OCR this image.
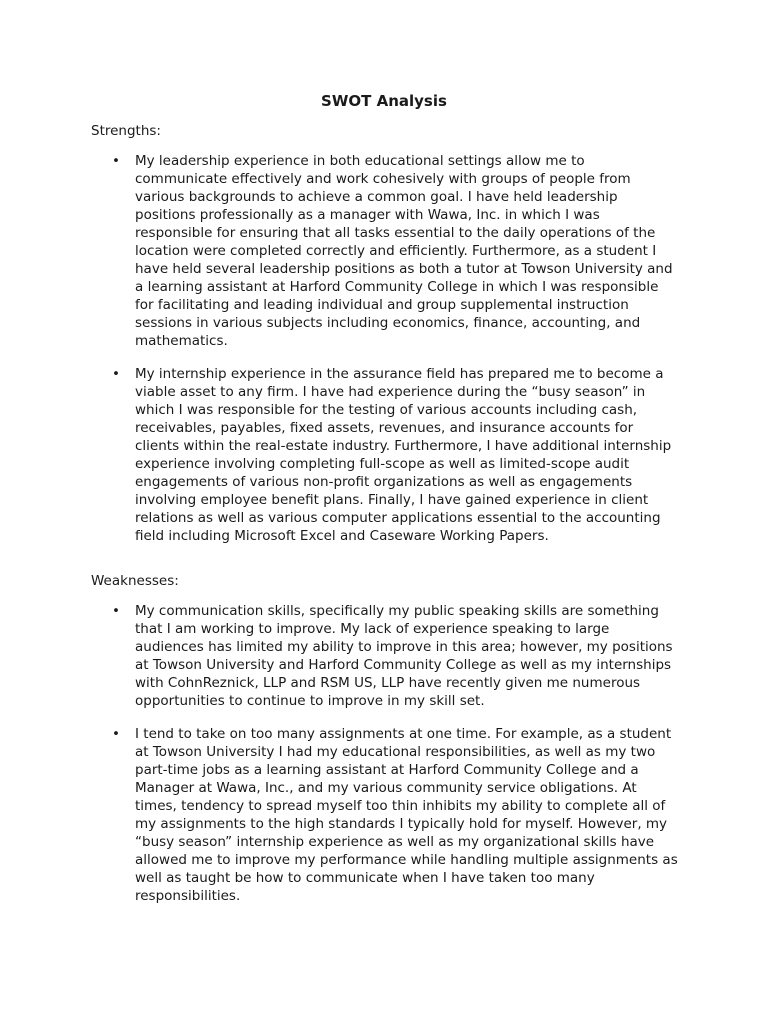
SWOT Analysis

Strengths:

• My leadership experience in both educational settings allow me to communicate effectively and work cohesively with groups of people from various backgrounds to achieve a common goal. I have held leadership positions professionally as a manager with Wawa, Inc. in which I was responsible for ensuring that all tasks essential to the daily operations of the location were completed correctly and efficiently. Furthermore, as a student I have held several leadership positions as both a tutor at Towson University and a learning assistant at Harford Community College in which I was responsible for facilitating and leading individual and group supplemental instruction sessions in various subjects including economics, finance, accounting, and mathematics.
• My internship experience in the assurance field has prepared me to become a viable asset to any firm. I have had experience during the “busy season” in which I was responsible for the testing of various accounts including cash, receivables, payables, fixed assets, revenues, and insurance accounts for clients within the real-estate industry. Furthermore, I have additional internship experience involving completing full-scope as well as limited-scope audit engagements of various non-profit organizations as well as engagements involving employee benefit plans. Finally, I have gained experience in client relations as well as various computer applications essential to the accounting field including Microsoft Excel and Caseware Working Papers.

Weaknesses:

• My communication skills, specifically my public speaking skills are something that I am working to improve. My lack of experience speaking to large audiences has limited my ability to improve in this area; however, my positions at Towson University and Harford Community College as well as my internships with CohnReznick, LLP and RSM US, LLP have recently given me numerous opportunities to continue to improve in my skill set.
• I tend to take on too many assignments at one time. For example, as a student at Towson University I had my educational responsibilities, as well as my two part-time jobs as a learning assistant at Harford Community College and a Manager at Wawa, Inc., and my various community service obligations. At times, tendency to spread myself too thin inhibits my ability to complete all of my assignments to the high standards I typically hold for myself. However, my “busy season” internship experience as well as my organizational skills have allowed me to improve my performance while handling multiple assignments as well as taught be how to communicate when I have taken too many responsibilities.
